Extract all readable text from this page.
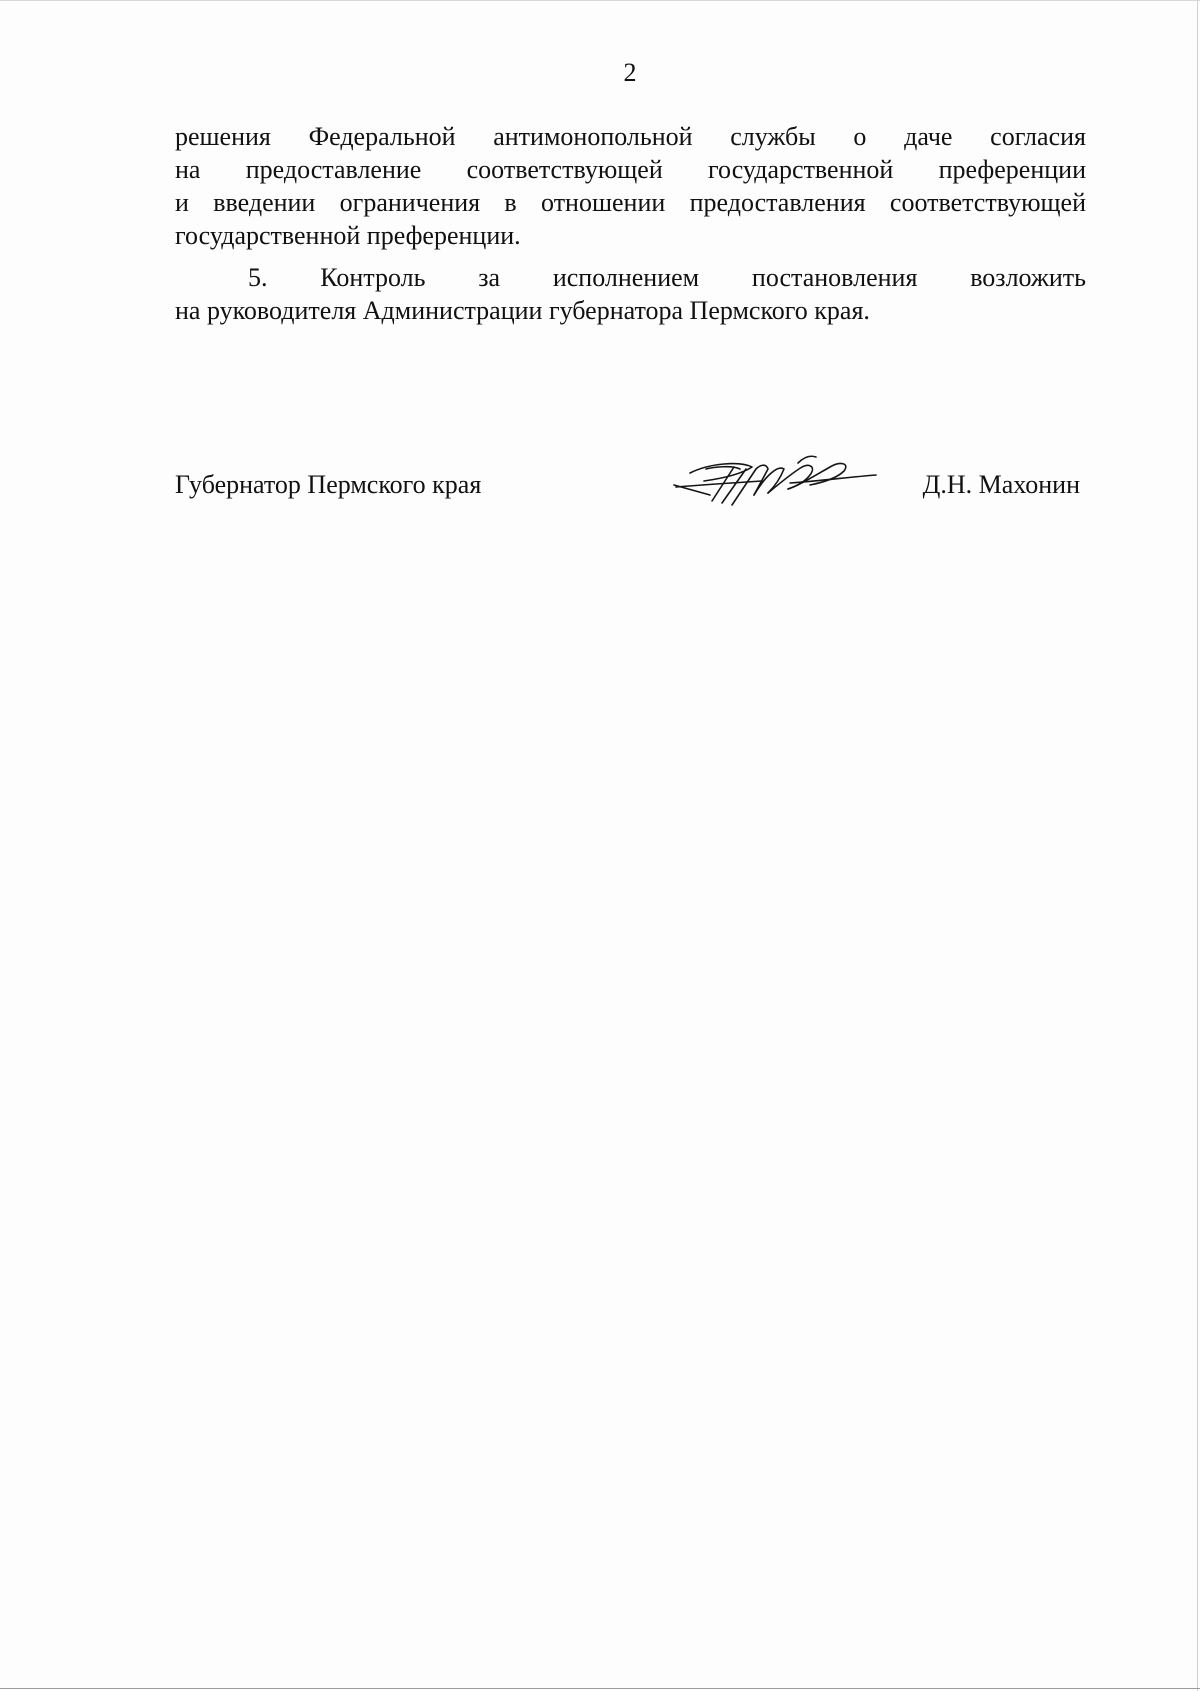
2
решения Федеральной антимонопольной службы о даче согласия
на предоставление соответствующей государственной преференции
и введении ограничения в отношении предоставления соответствующей
государственной преференции.
5. Контроль за исполнением постановления возложить
на руководителя Администрации губернатора Пермского края.
Губернатор Пермского края	Д.Н. Махонин
